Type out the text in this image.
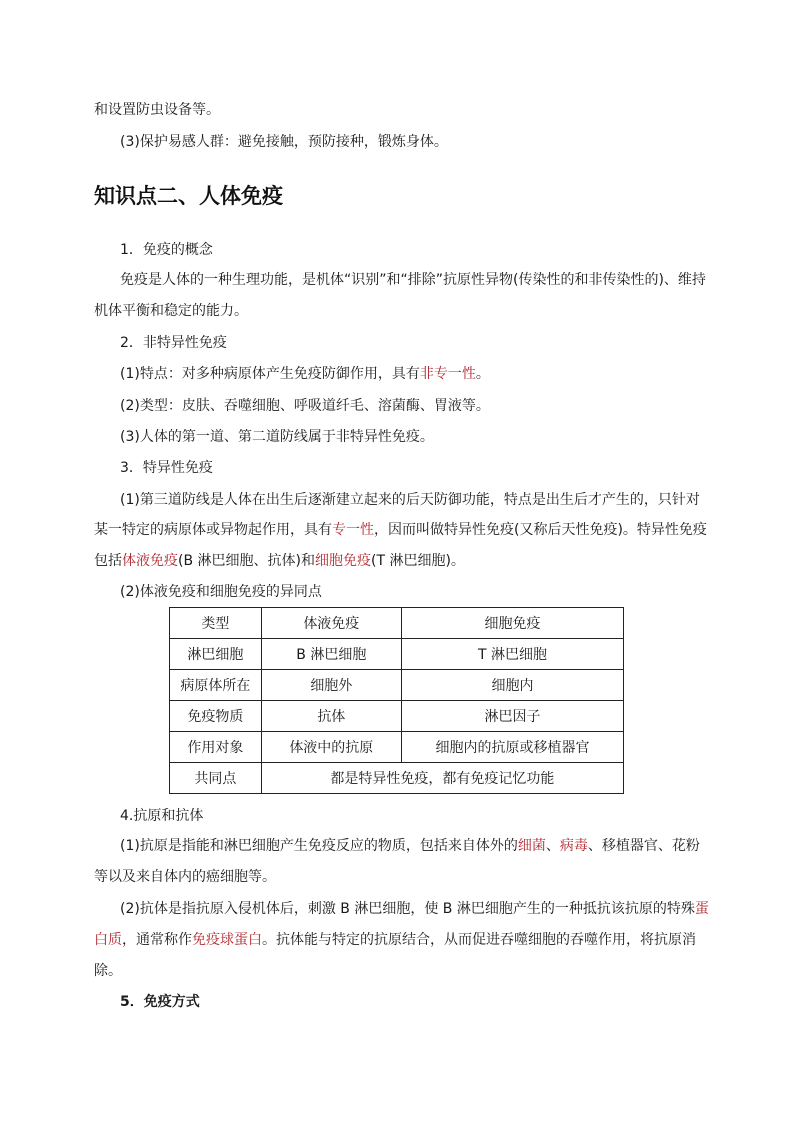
和设置防虫设备等。
(3)保护易感人群：避免接触，预防接种，锻炼身体。
知识点二、人体免疫
1．免疫的概念
免疫是人体的一种生理功能，是机体“识别”和“排除”抗原性异物(传染性的和非传染性的)、维持
机体平衡和稳定的能力。
2．非特异性免疫
(1)特点：对多种病原体产生免疫防御作用，具有非专一性。
(2)类型：皮肤、吞噬细胞、呼吸道纤毛、溶菌酶、胃液等。
(3)人体的第一道、第二道防线属于非特异性免疫。
3．特异性免疫
(1)第三道防线是人体在出生后逐渐建立起来的后天防御功能，特点是出生后才产生的，只针对
某一特定的病原体或异物起作用，具有专一性，因而叫做特异性免疫(又称后天性免疫)。特异性免疫
包括体液免疫(B 淋巴细胞、抗体)和细胞免疫(T 淋巴细胞)。
(2)体液免疫和细胞免疫的异同点
类型	体液免疫	细胞免疫
淋巴细胞	B 淋巴细胞	T 淋巴细胞
病原体所在	细胞外	细胞内
免疫物质	抗体	淋巴因子
作用对象	体液中的抗原	细胞内的抗原或移植器官
共同点	都是特异性免疫，都有免疫记忆功能	
4.抗原和抗体
(1)抗原是指能和淋巴细胞产生免疫反应的物质，包括来自体外的细菌、病毒、移植器官、花粉
等以及来自体内的癌细胞等。
(2)抗体是指抗原入侵机体后，刺激 B 淋巴细胞，使 B 淋巴细胞产生的一种抵抗该抗原的特殊蛋
白质，通常称作免疫球蛋白。抗体能与特定的抗原结合，从而促进吞噬细胞的吞噬作用，将抗原消
除。
5．免疫方式
